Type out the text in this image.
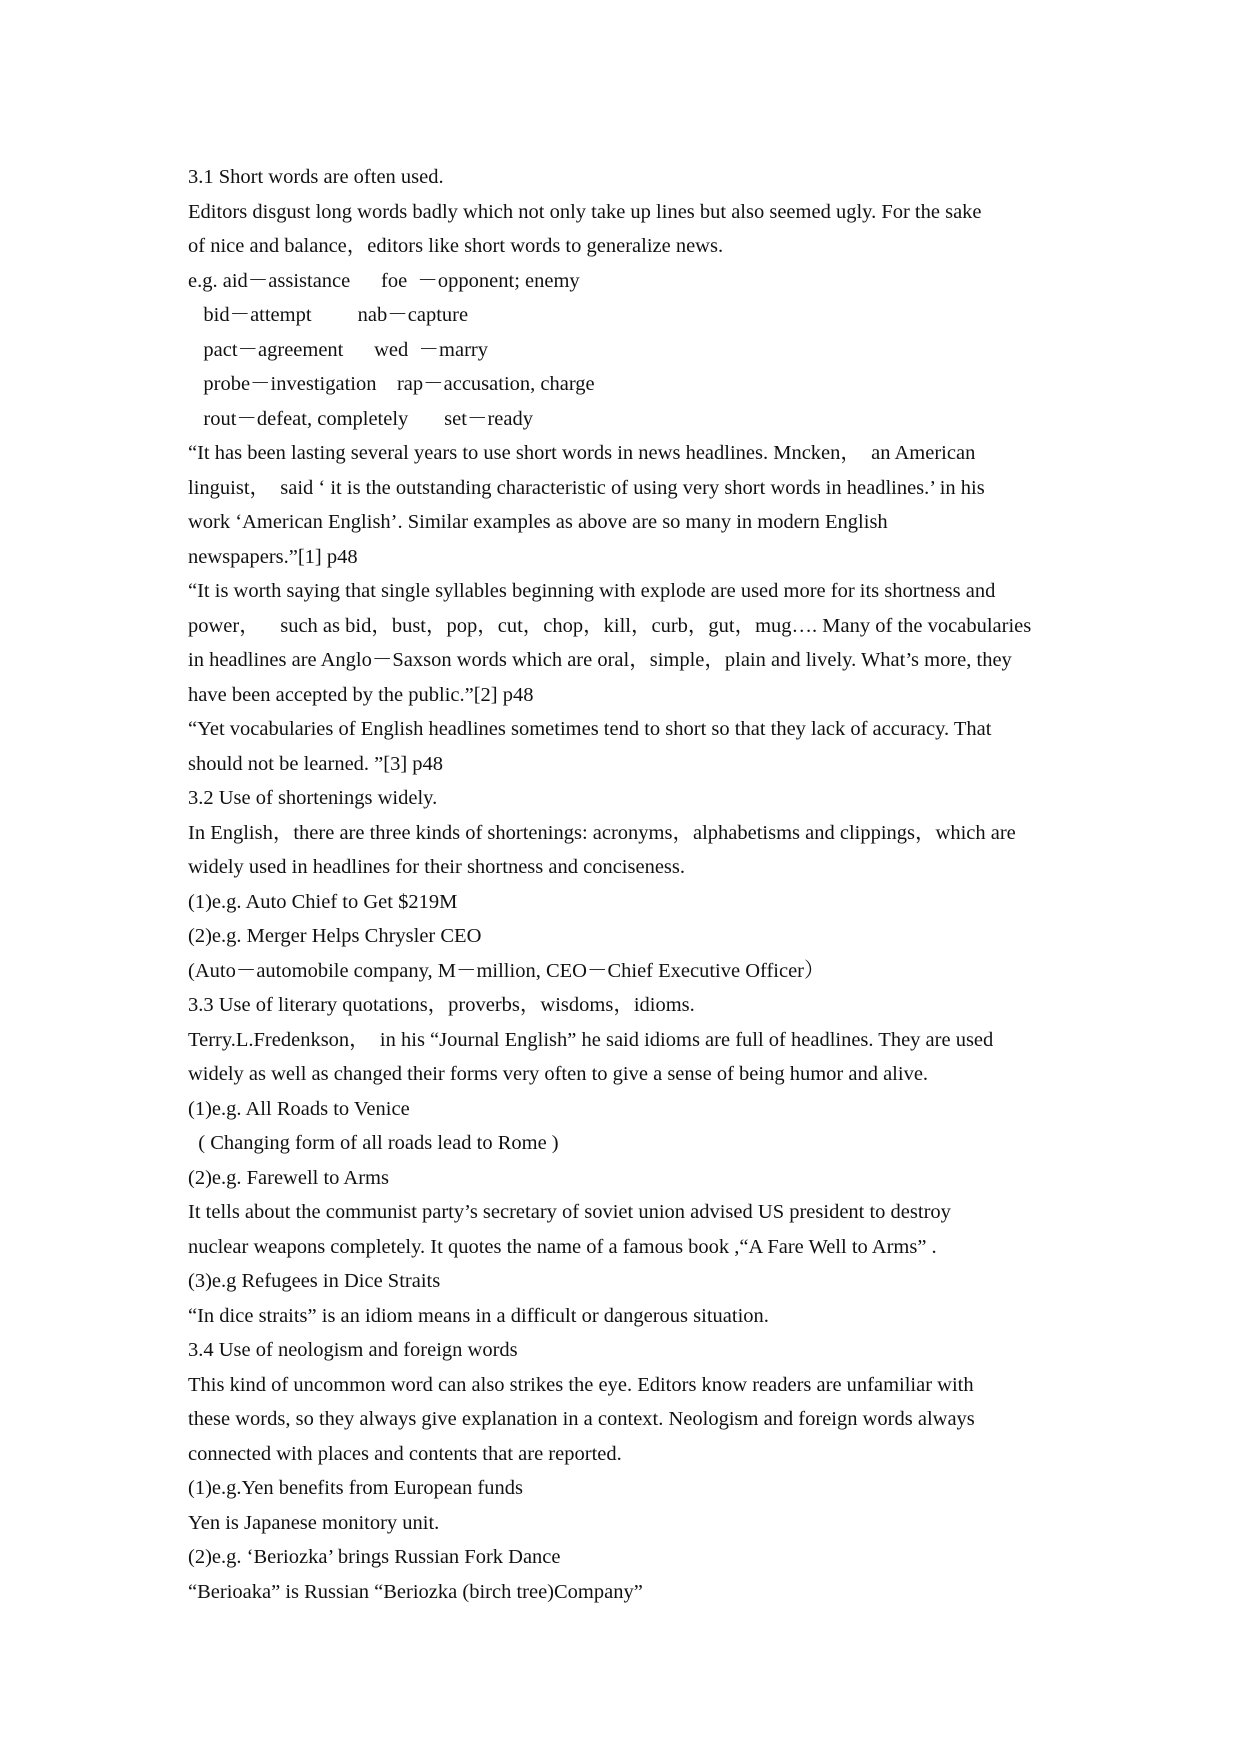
3.1 Short words are often used.
Editors disgust long words badly which not only take up lines but also seemed ugly. For the sake
of nice and balance，editors like short words to generalize news.
e.g. aid－assistance      foe  －opponent; enemy
bid－attempt         nab－capture
pact－agreement      wed  －marry
probe－investigation    rap－accusation, charge
rout－defeat, completely       set－ready
“It has been lasting several years to use short words in news headlines. Mncken，  an American
linguist，  said ‘ it is the outstanding characteristic of using very short words in headlines.’ in his
work ‘American English’. Similar examples as above are so many in modern English
newspapers.”[1] p48
“It is worth saying that single syllables beginning with explode are used more for its shortness and
power，    such as bid，bust，pop，cut，chop，kill，curb，gut，mug…. Many of the vocabularies
in headlines are Anglo－Saxson words which are oral，simple，plain and lively. What’s more, they
have been accepted by the public.”[2] p48
“Yet vocabularies of English headlines sometimes tend to short so that they lack of accuracy. That
should not be learned. ”[3] p48
3.2 Use of shortenings widely.
In English，there are three kinds of shortenings: acronyms，alphabetisms and clippings，which are
widely used in headlines for their shortness and conciseness.
(1)e.g. Auto Chief to Get $219M
(2)e.g. Merger Helps Chrysler CEO
(Auto－automobile company, M－million, CEO－Chief Executive Officer）
3.3 Use of literary quotations，proverbs，wisdoms，idioms.
Terry.L.Fredenkson，  in his “Journal English” he said idioms are full of headlines. They are used
widely as well as changed their forms very often to give a sense of being humor and alive.
(1)e.g. All Roads to Venice
( Changing form of all roads lead to Rome )
(2)e.g. Farewell to Arms
It tells about the communist party’s secretary of soviet union advised US president to destroy
nuclear weapons completely. It quotes the name of a famous book ,“A Fare Well to Arms” .
(3)e.g Refugees in Dice Straits
“In dice straits” is an idiom means in a difficult or dangerous situation.
3.4 Use of neologism and foreign words
This kind of uncommon word can also strikes the eye. Editors know readers are unfamiliar with
these words, so they always give explanation in a context. Neologism and foreign words always
connected with places and contents that are reported.
(1)e.g.Yen benefits from European funds
Yen is Japanese monitory unit.
(2)e.g. ‘Beriozka’ brings Russian Fork Dance
“Berioaka” is Russian “Beriozka (birch tree)Company”
